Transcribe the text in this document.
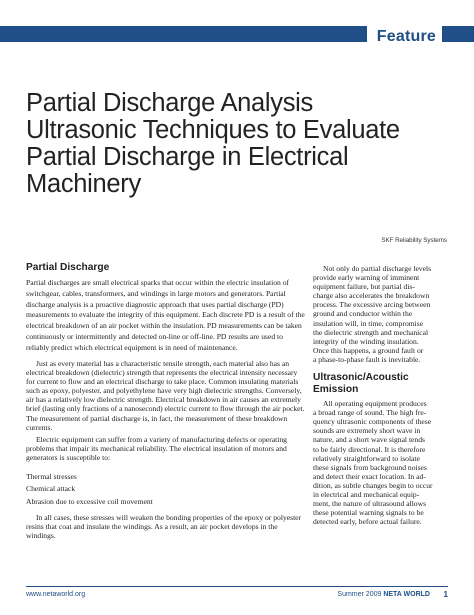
Feature
Partial Discharge Analysis
Ultrasonic Techniques to Evaluate
Partial Discharge in Electrical
Machinery
SKF Reliability Systems
Partial Discharge

Partial discharges are small electrical sparks that occur within the electric insulation of switchgear, cables, transformers, and windings in large motors and generators. Partial discharge analysis is a proactive diagnostic approach that uses partial discharge (PD) measurements to evaluate the integrity of this equipment. Each discrete PD is a result of the electrical breakdown of an air pocket within the insulation. PD measurements can be taken continuously or intermittently and detected on-line or off-line. PD results are used to reliably predict which electrical equipment is in need of maintenance.

Just as every material has a characteristic tensile strength, each material also has an electrical breakdown (dielectric) strength that represents the electrical intensity necessary for current to flow and an electrical discharge to take place. Common insulating materials such as epoxy, polyester, and polyethylene have very high dielectric strengths. Conversely, air has a relatively low dielectric strength. Electrical breakdown in air causes an extremely brief (lasting only fractions of a nanosecond) electric current to flow through the air pocket. The measurement of partial discharge is, in fact, the measurement of these breakdown currents.

Electric equipment can suffer from a variety of manufacturing defects or operating problems that impair its mechanical reliability. The electrical insulation of motors and generators is susceptible to:

Thermal stresses
Chemical attack
Abrasion due to excessive coil movement

In all cases, these stresses will weaken the bonding properties of the epoxy or polyester resins that coat and insulate the windings. As a result, an air pocket develops in the windings.

Not only do partial discharge levels
provide early warning of imminent
equipment failure, but partial dis-
charge also accelerates the breakdown
process. The excessive arcing between
ground and conductor within the
insulation will, in time, compromise
the dielectric strength and mechanical
integrity of the winding insulation.
Once this happens, a ground fault or
a phase-to-phase fault is inevitable.
Ultrasonic/Acoustic
Emission
All operating equipment produces
a broad range of sound. The high fre-
quency ultrasonic components of these
sounds are extremely short wave in
nature, and a short wave signal tends
to be fairly directional. It is therefore
relatively straightforward to isolate
these signals from background noises
and detect their exact location. In ad-
dition, as subtle changes begin to occur
in electrical and mechanical equip-
ment, the nature of ultrasound allows
these potential warning signals to be
detected early, before actual failure.
www.netaworld.org	Summer 2009 NETA WORLD 1
